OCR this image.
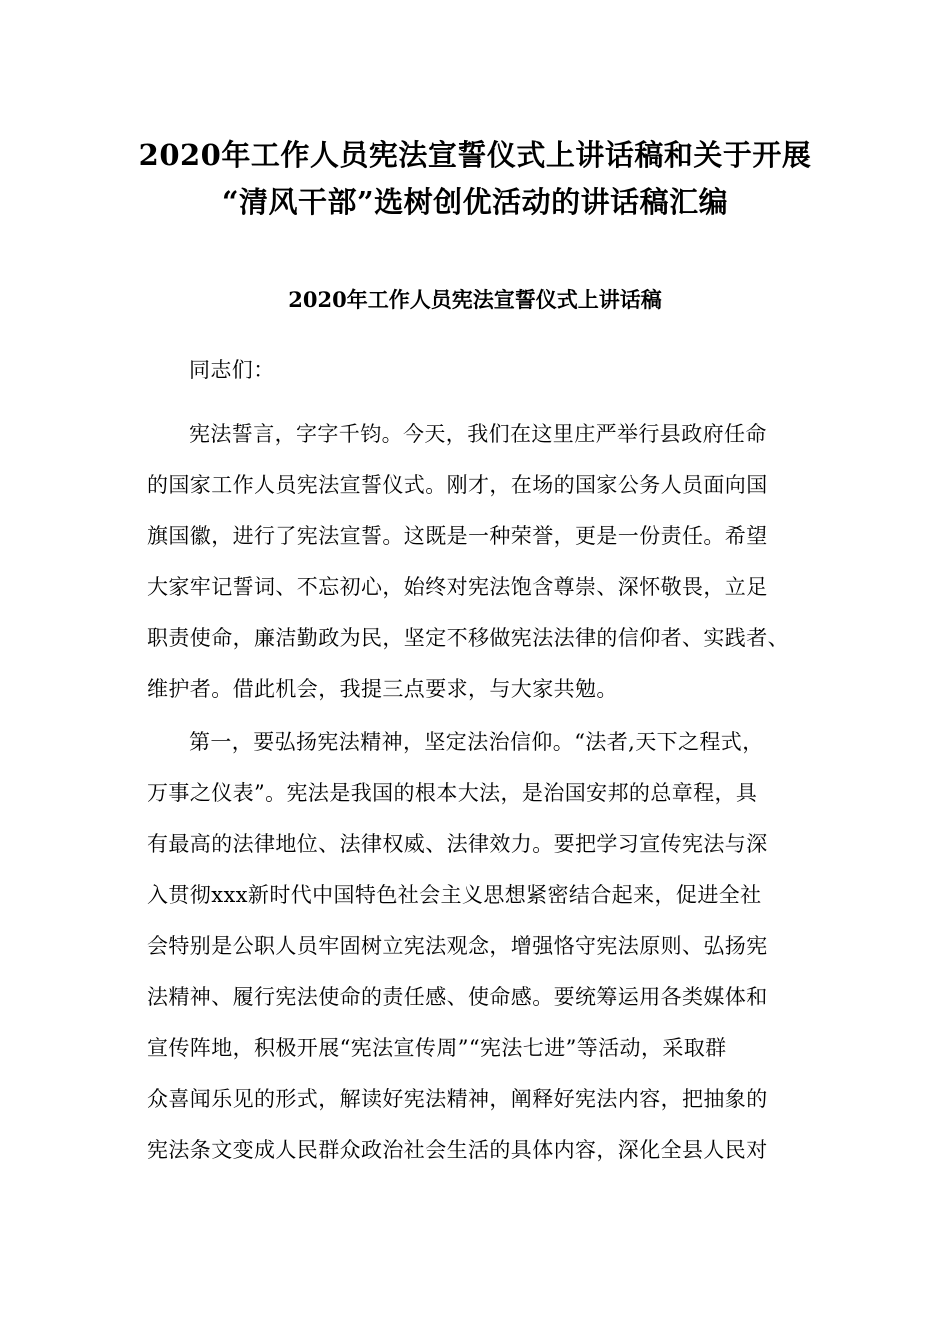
2020年工作人员宪法宣誓仪式上讲话稿和关于开展
“清风干部”选树创优活动的讲话稿汇编
2020年工作人员宪法宣誓仪式上讲话稿

同志们：

宪法誓言，字字千钧。今天，我们在这里庄严举行县政府任命
的国家工作人员宪法宣誓仪式。刚才，在场的国家公务人员面向国
旗国徽，进行了宪法宣誓。这既是一种荣誉，更是一份责任。希望
大家牢记誓词、不忘初心，始终对宪法饱含尊崇、深怀敬畏，立足
职责使命，廉洁勤政为民，坚定不移做宪法法律的信仰者、实践者、
维护者。借此机会，我提三点要求，与大家共勉。

第一，要弘扬宪法精神，坚定法治信仰。“法者,天下之程式，
万事之仪表”。宪法是我国的根本大法，是治国安邦的总章程，具
有最高的法律地位、法律权威、法律效力。要把学习宣传宪法与深
入贯彻xxx新时代中国特色社会主义思想紧密结合起来，促进全社
会特别是公职人员牢固树立宪法观念，增强恪守宪法原则、弘扬宪
法精神、履行宪法使命的责任感、使命感。要统筹运用各类媒体和
宣传阵地，积极开展“宪法宣传周”“宪法七进”等活动，采取群
众喜闻乐见的形式，解读好宪法精神，阐释好宪法内容，把抽象的
宪法条文变成人民群众政治社会生活的具体内容，深化全县人民对
